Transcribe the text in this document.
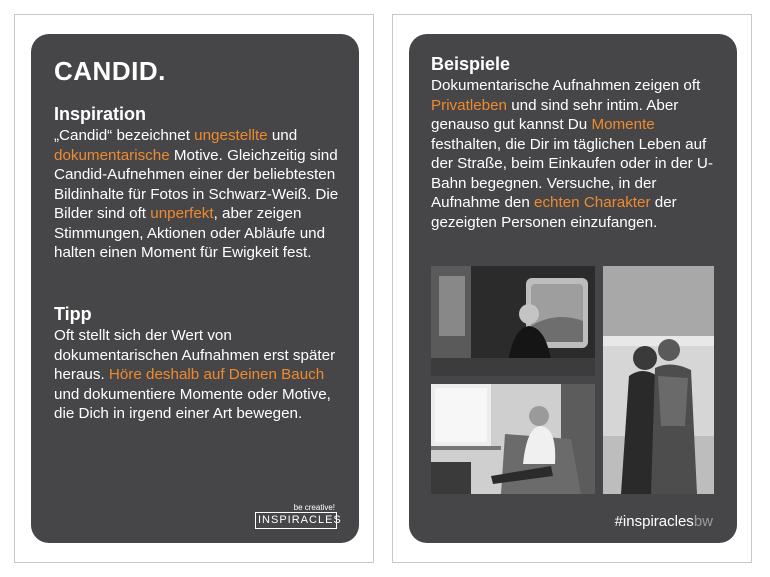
CANDID.
Inspiration

„Candid“ bezeichnet ungestellte und dokumentarische Motive. Gleichzeitig sind Candid-Aufnehmen einer der beliebtesten Bildinhalte für Fotos in Schwarz-Weiß. Die Bilder sind oft unperfekt, aber zeigen Stimmungen, Aktionen oder Abläufe und halten einen Moment für Ewigkeit fest.

Tipp

Oft stellt sich der Wert von dokumentarischen Aufnahmen erst später heraus. Höre deshalb auf Deinen Bauch und dokumentiere Momente oder Motive, die Dich in irgend einer Art bewegen.

be creative!
INSPIRACLES
Beispiele

Dokumentarische Aufnahmen zeigen oft Privatleben und sind sehr intim. Aber genauso gut kannst Du Momente festhalten, die Dir im täglichen Leben auf der Straße, beim Einkaufen oder in der U-Bahn begegnen. Versuche, in der Aufnahme den echten Charakter der gezeigten Personen einzufangen.

#inspiraclesbw
